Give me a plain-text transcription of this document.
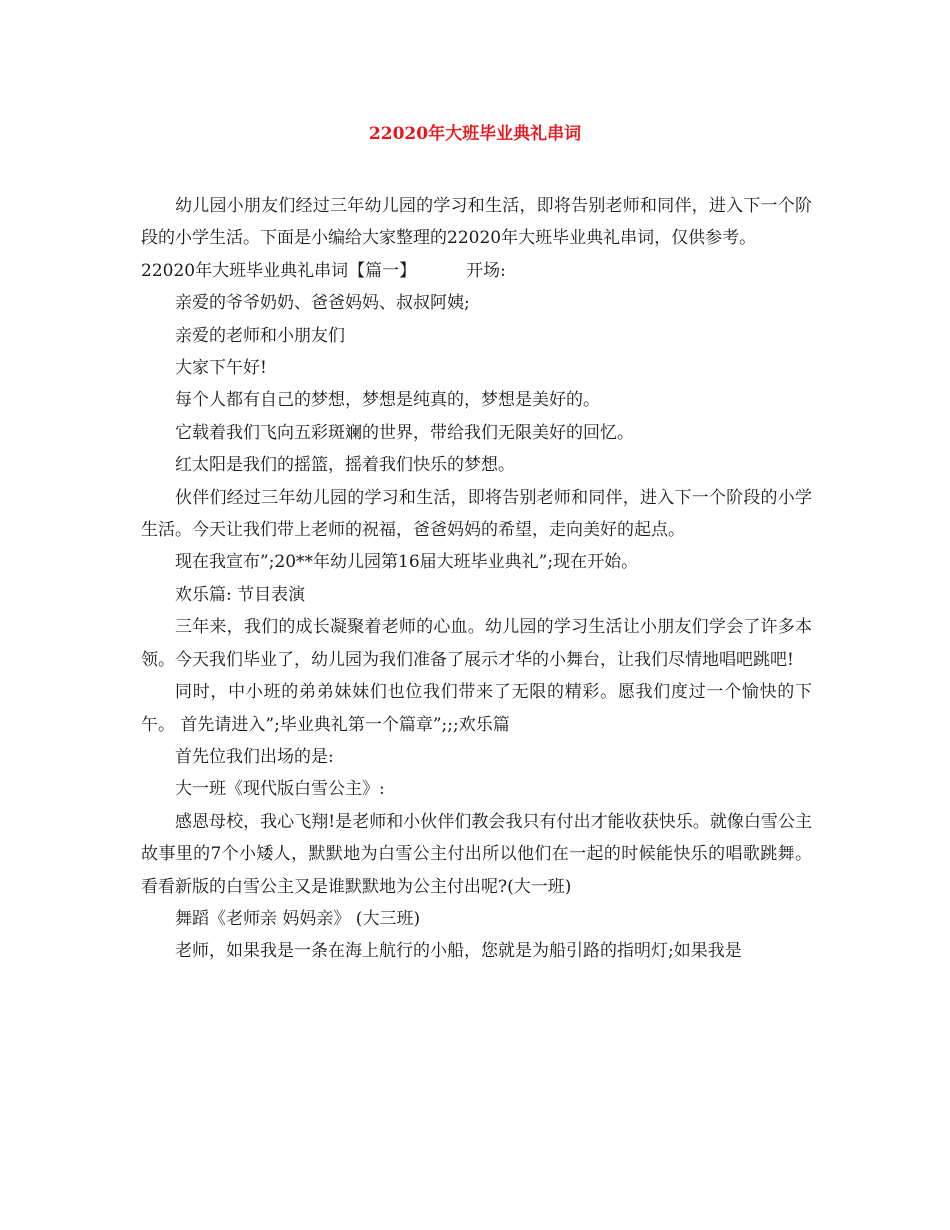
22020年大班毕业典礼串词

幼儿园小朋友们经过三年幼儿园的学习和生活，即将告别老师和同伴，进入下一个阶段的小学生活。下面是小编给大家整理的22020年大班毕业典礼串词，仅供参考。

22020年大班毕业典礼串词【篇一】	开场:

亲爱的爷爷奶奶、爸爸妈妈、叔叔阿姨;

亲爱的老师和小朋友们

大家下午好!

每个人都有自己的梦想，梦想是纯真的，梦想是美好的。

它载着我们飞向五彩斑斓的世界，带给我们无限美好的回忆。

红太阳是我们的摇篮，摇着我们快乐的梦想。

伙伴们经过三年幼儿园的学习和生活，即将告别老师和同伴，进入下一个阶段的小学生活。今天让我们带上老师的祝福，爸爸妈妈的希望，走向美好的起点。

现在我宣布”;20**年幼儿园第16届大班毕业典礼”;现在开始。

欢乐篇: 节目表演

三年来，我们的成长凝聚着老师的心血。幼儿园的学习生活让小朋友们学会了许多本领。今天我们毕业了，幼儿园为我们准备了展示才华的小舞台，让我们尽情地唱吧跳吧!

同时，中小班的弟弟妹妹们也位我们带来了无限的精彩。愿我们度过一个愉快的下午。 首先请进入”;毕业典礼第一个篇章”;;;欢乐篇

首先位我们出场的是:

大一班《现代版白雪公主》:

感恩母校，我心飞翔!是老师和小伙伴们教会我只有付出才能收获快乐。就像白雪公主故事里的7个小矮人，默默地为白雪公主付出所以他们在一起的时候能快乐的唱歌跳舞。看看新版的白雪公主又是谁默默地为公主付出呢?(大一班)

舞蹈《老师亲 妈妈亲》 (大三班)

老师，如果我是一条在海上航行的小船，您就是为船引路的指明灯;如果我是
